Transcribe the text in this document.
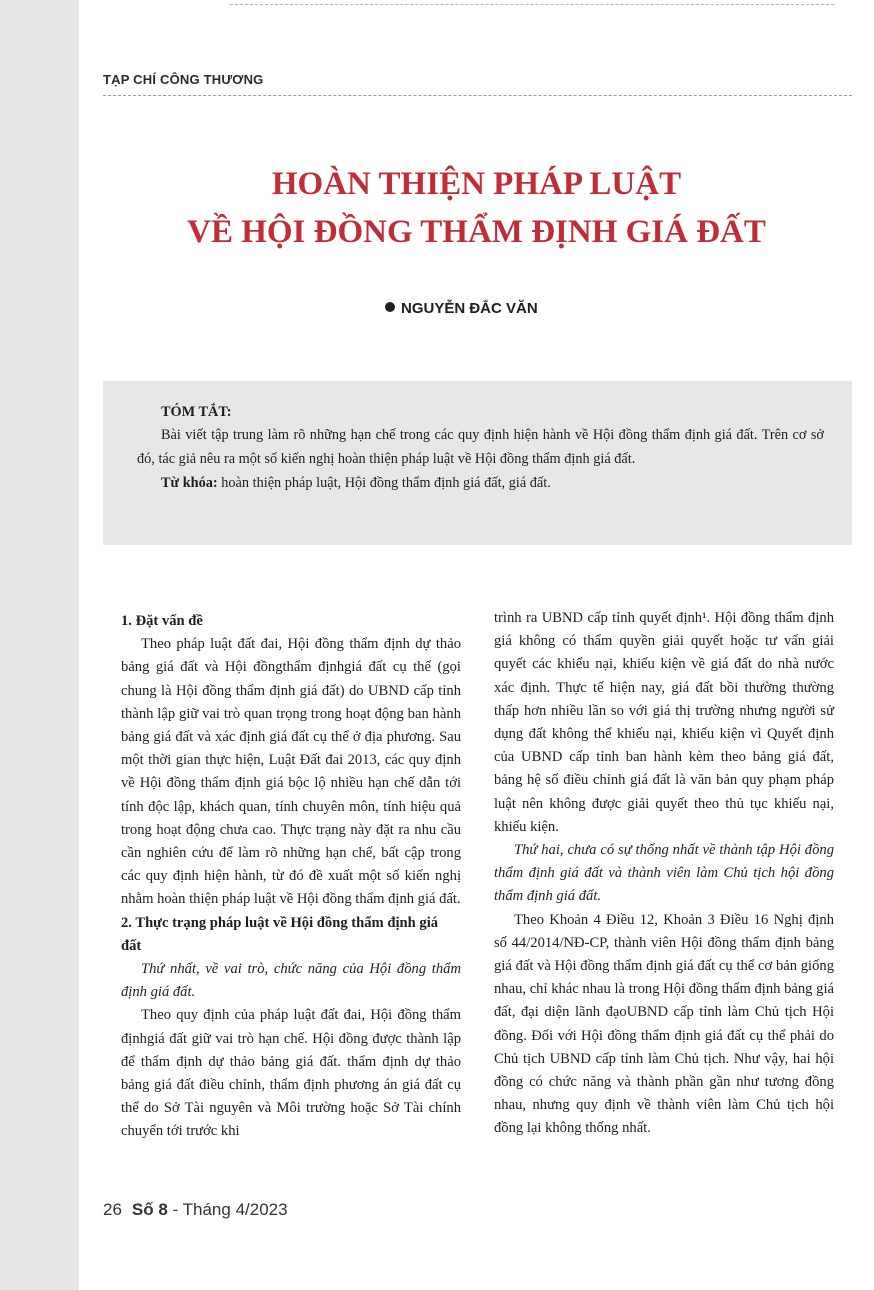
TẠP CHÍ CÔNG THƯƠNG
HOÀN THIỆN PHÁP LUẬT
VỀ HỘI ĐỒNG THẨM ĐỊNH GIÁ ĐẤT
NGUYỄN ĐẮC VĂN
TÓM TẮT:
Bài viết tập trung làm rõ những hạn chế trong các quy định hiện hành về Hội đồng thẩm định giá đất. Trên cơ sở đó, tác giả nêu ra một số kiến nghị hoàn thiện pháp luật về Hội đồng thẩm định giá đất.
Từ khóa: hoàn thiện pháp luật, Hội đồng thẩm định giá đất, giá đất.
1. Đặt vấn đề

Theo pháp luật đất đai, Hội đồng thẩm định dự thảo bảng giá đất và Hội đồngthẩm địnhgiá đất cụ thể (gọi chung là Hội đồng thẩm định giá đất) do UBND cấp tỉnh thành lập giữ vai trò quan trọng trong hoạt động ban hành bảng giá đất và xác định giá đất cụ thể ở địa phương. Sau một thời gian thực hiện, Luật Đất đai 2013, các quy định về Hội đồng thẩm định giá bộc lộ nhiều hạn chế dẫn tới tính độc lập, khách quan, tính chuyên môn, tính hiệu quả trong hoạt động chưa cao. Thực trạng này đặt ra nhu cầu cần nghiên cứu để làm rõ những hạn chế, bất cập trong các quy định hiện hành, từ đó đề xuất một số kiến nghị nhằm hoàn thiện pháp luật về Hội đồng thẩm định giá đất.

2. Thực trạng pháp luật về Hội đồng thẩm định giá đất

Thứ nhất, về vai trò, chức năng của Hội đồng thẩm định giá đất.

Theo quy định của pháp luật đất đai, Hội đồng thẩm địnhgiá đất giữ vai trò hạn chế. Hội đồng được thành lập để thẩm định dự thảo bảng giá đất. thẩm định dự thảo bảng giá đất điều chỉnh, thẩm định phương án giá đất cụ thể do Sở Tài nguyên và Môi trường hoặc Sở Tài chính chuyển tới trước khi

trình ra UBND cấp tỉnh quyết định¹. Hội đồng thẩm định giá không có thẩm quyền giải quyết hoặc tư vấn giải quyết các khiếu nại, khiếu kiện về giá đất do nhà nước xác định. Thực tế hiện nay, giá đất bồi thường thường thấp hơn nhiều lần so với giá thị trường nhưng người sử dụng đất không thể khiếu nại, khiếu kiện vì Quyết định của UBND cấp tỉnh ban hành kèm theo bảng giá đất, bảng hệ số điều chỉnh giá đất là văn bản quy phạm pháp luật nên không được giải quyết theo thủ tục khiếu nại, khiếu kiện.

Thứ hai, chưa có sự thống nhất về thành tập Hội đồng thẩm định giá đất và thành viên làm Chủ tịch hội đồng thẩm định giá đất.

Theo Khoản 4 Điều 12, Khoản 3 Điều 16 Nghị định số 44/2014/NĐ-CP, thành viên Hội đồng thẩm định bảng giá đất và Hội đồng thẩm định giá đất cụ thể cơ bản giống nhau, chỉ khác nhau là trong Hội đồng thẩm định bảng giá đất, đại diện lãnh đạoUBND cấp tỉnh làm Chủ tịch Hội đồng. Đối với Hội đồng thẩm định giá đất cụ thể phải do Chủ tịch UBND cấp tỉnh làm Chủ tịch. Như vậy, hai hội đồng có chức năng và thành phần gần như tương đồng nhau, nhưng quy định về thành viên làm Chủ tịch hội đồng lại không thống nhất.

26 Số 8 - Tháng 4/2023
